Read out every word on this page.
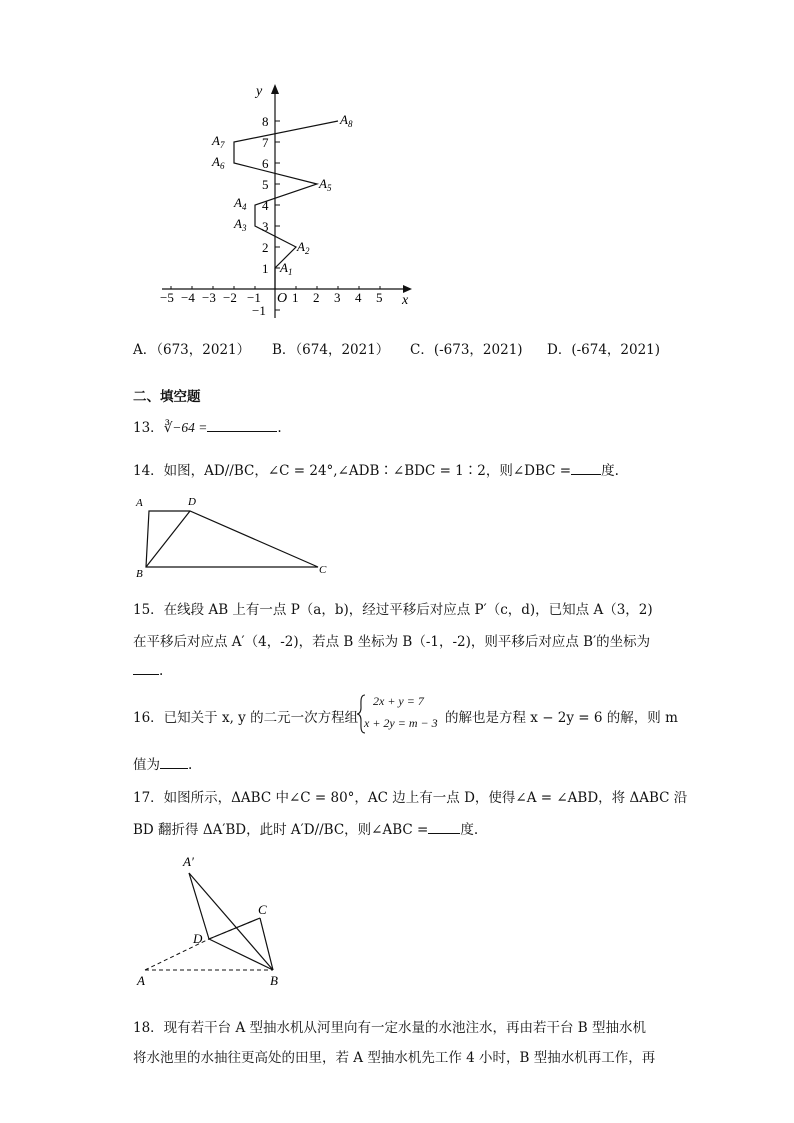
y
x
O
−5 −4 −3 −2 −1 1 2 3 4 5
8
7
6
5
4
3
2
1
−1
$A_1$
$A_2$
$A_3$
$A_4$
$A_5$
$A_6$
$A_7$
$A_8$
A．（673，2021） B．（674，2021） C．(-673，2021) D．(-674，2021)
二、填空题
13．∛−64 =	.
14．如图，AD//BC，∠C = 24°,∠ADB∶∠BDC = 1∶2，则∠DBC = 度.
A	D
B	C
15．在线段 AB 上有一点 P（a，b)，经过平移后对应点 P′（c，d)，已知点 A（3，2)
在平移后对应点 A′（4，-2)，若点 B 坐标为 B（-1，-2)，则平移后对应点 B′的坐标为
.
16．已知关于 x, y 的二元一次方程组
2x + y = 7
x + 2y = m − 3 的解也是方程 x − 2y = 6 的解，则 m
值为 .
17．如图所示，ΔABC 中∠C = 80°，AC 边上有一点 D，使得∠A = ∠ABD，将 ΔABC 沿
BD 翻折得 ΔA′BD，此时 A′D//BC，则∠ABC = 度.
A′
C
D
A	B
18．现有若干台 A 型抽水机从河里向有一定水量的水池注水，再由若干台 B 型抽水机
将水池里的水抽往更高处的田里，若 A 型抽水机先工作 4 小时，B 型抽水机再工作，再
